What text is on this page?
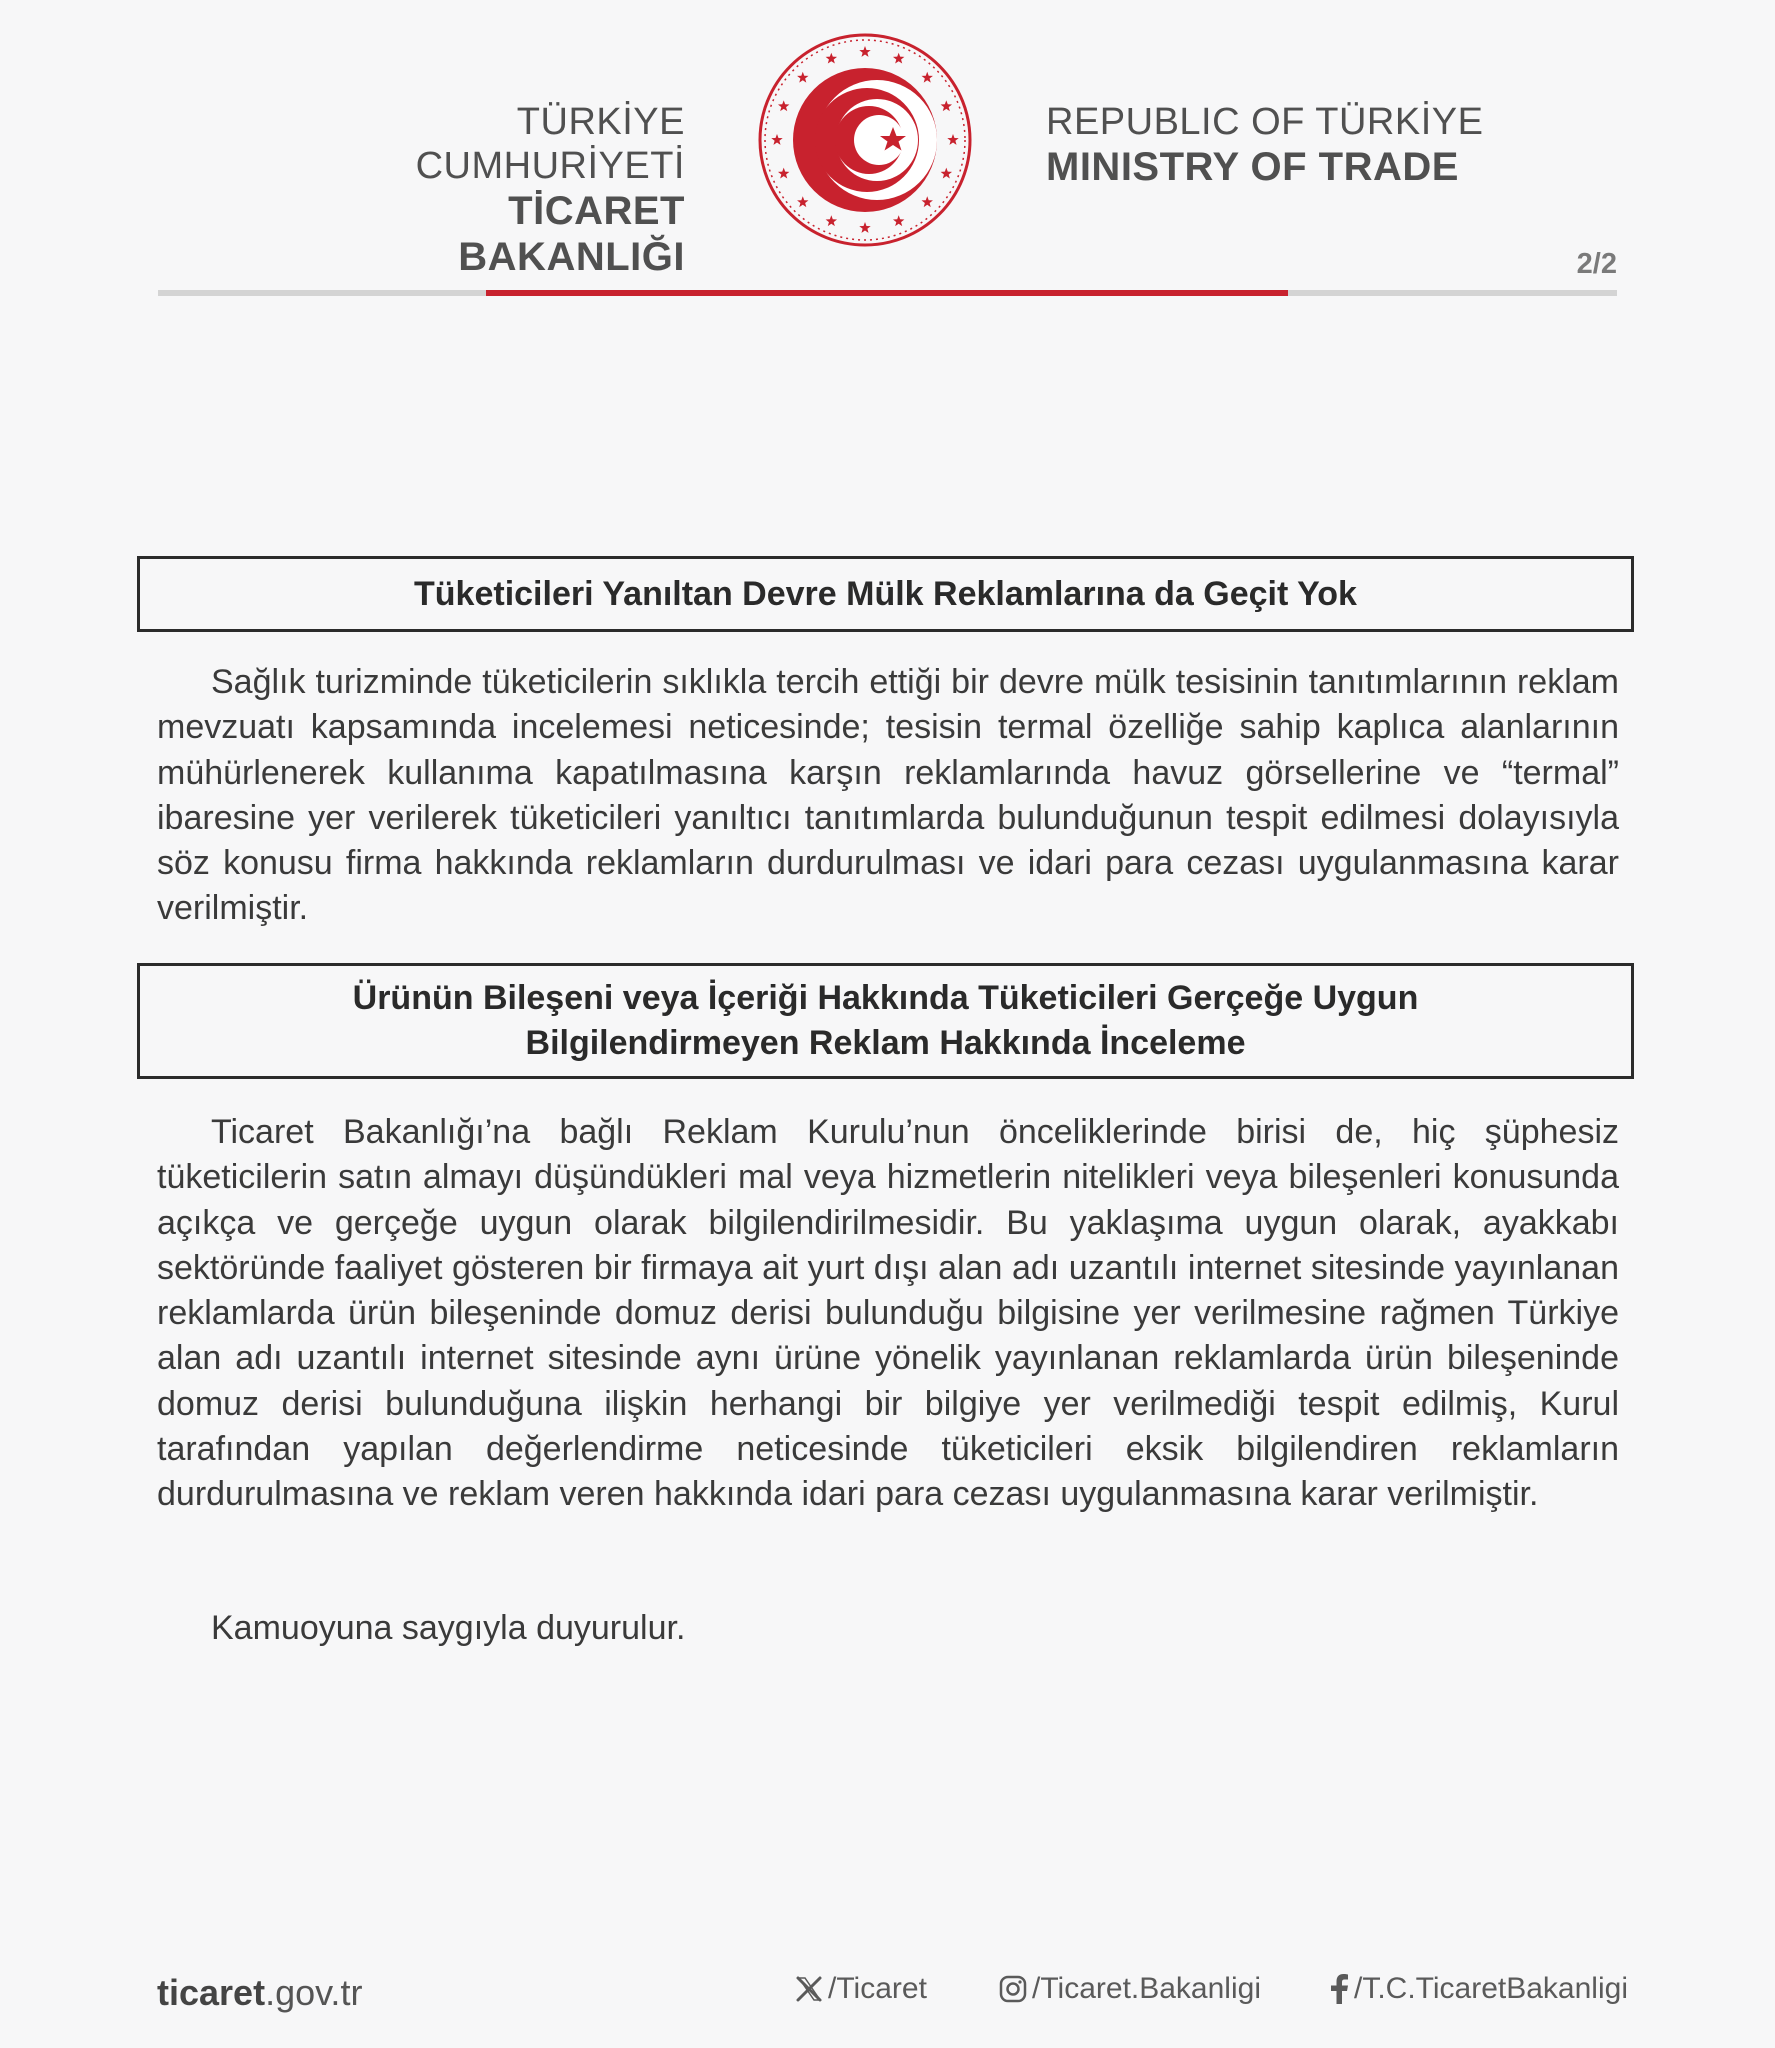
TÜRKİYE CUMHURİYETİ
TİCARET BAKANLIĞI
REPUBLIC OF TÜRKİYE
MINISTRY OF TRADE
2/2
Tüketicileri Yanıltan Devre Mülk Reklamlarına da Geçit Yok

Sağlık turizminde tüketicilerin sıklıkla tercih ettiği bir devre mülk tesisinin tanıtımlarının reklam mevzuatı kapsamında incelemesi neticesinde; tesisin termal özelliğe sahip kaplıca alanlarının mühürlenerek kullanıma kapatılmasına karşın reklamlarında havuz görsellerine ve “termal” ibaresine yer verilerek tüketicileri yanıltıcı tanıtımlarda bulunduğunun tespit edilmesi dolayısıyla söz konusu firma hakkında reklamların durdurulması ve idari para cezası uygulanmasına karar verilmiştir.

Ürünün Bileşeni veya İçeriği Hakkında Tüketicileri Gerçeğe Uygun
Bilgilendirmeyen Reklam Hakkında İnceleme

Ticaret Bakanlığı’na bağlı Reklam Kurulu’nun önceliklerinde birisi de, hiç şüphesiz tüketicilerin satın almayı düşündükleri mal veya hizmetlerin nitelikleri veya bileşenleri konusunda açıkça ve gerçeğe uygun olarak bilgilendirilmesidir. Bu yaklaşıma uygun olarak, ayakkabı sektöründe faaliyet gösteren bir firmaya ait yurt dışı alan adı uzantılı internet sitesinde yayınlanan reklamlarda ürün bileşeninde domuz derisi bulunduğu bilgisine yer verilmesine rağmen Türkiye alan adı uzantılı internet sitesinde aynı ürüne yönelik yayınlanan reklamlarda ürün bileşeninde domuz derisi bulunduğuna ilişkin herhangi bir bilgiye yer verilmediği tespit edilmiş, Kurul tarafından yapılan değerlendirme neticesinde tüketicileri eksik bilgilendiren reklamların durdurulmasına ve reklam veren hakkında idari para cezası uygulanmasına karar verilmiştir.

Kamuoyuna saygıyla duyurulur.
ticaret.gov.tr	/Ticaret	/Ticaret.Bakanligi	/T.C.TicaretBakanligi
